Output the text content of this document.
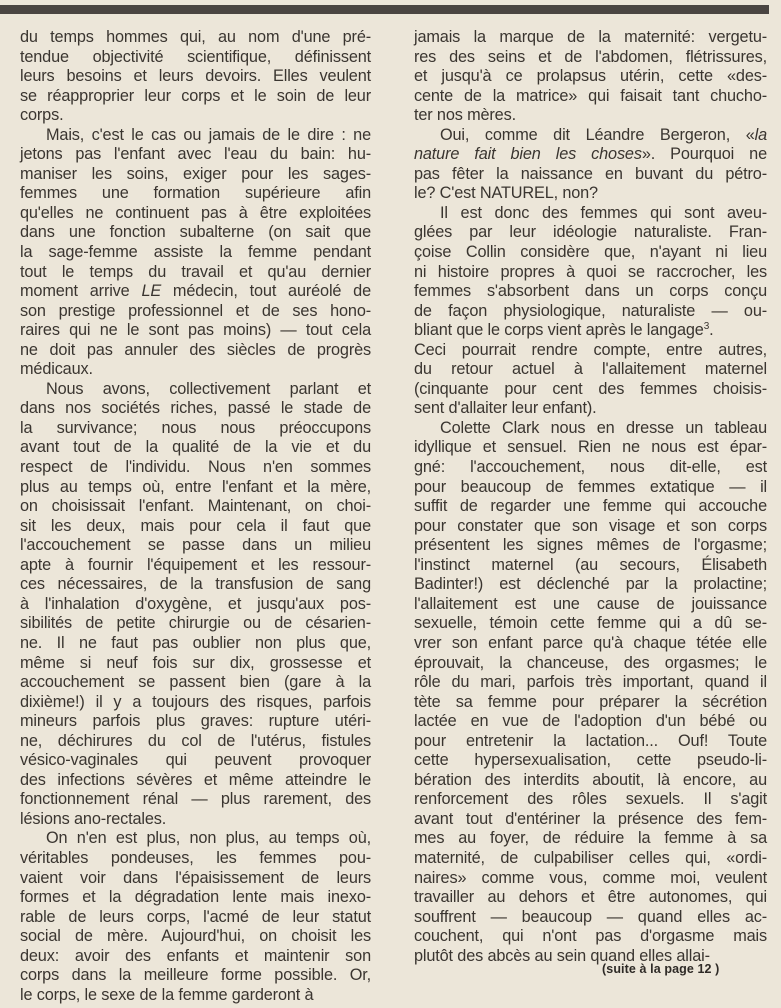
du temps hommes qui, au nom d'une pré-
tendue objectivité scientifique, définissent
leurs besoins et leurs devoirs. Elles veulent
se réapproprier leur corps et le soin de leur
corps.
Mais, c'est le cas ou jamais de le dire : ne
jetons pas l'enfant avec l'eau du bain: hu-
maniser les soins, exiger pour les sages-
femmes une formation supérieure afin
qu'elles ne continuent pas à être exploitées
dans une fonction subalterne (on sait que
la sage-femme assiste la femme pendant
tout le temps du travail et qu'au dernier
moment arrive LE médecin, tout auréolé de
son prestige professionnel et de ses hono-
raires qui ne le sont pas moins) — tout cela
ne doit pas annuler des siècles de progrès
médicaux.
Nous avons, collectivement parlant et
dans nos sociétés riches, passé le stade de
la survivance; nous nous préoccupons
avant tout de la qualité de la vie et du
respect de l'individu. Nous n'en sommes
plus au temps où, entre l'enfant et la mère,
on choisissait l'enfant. Maintenant, on choi-
sit les deux, mais pour cela il faut que
l'accouchement se passe dans un milieu
apte à fournir l'équipement et les ressour-
ces nécessaires, de la transfusion de sang
à l'inhalation d'oxygène, et jusqu'aux pos-
sibilités de petite chirurgie ou de césarien-
ne. Il ne faut pas oublier non plus que,
même si neuf fois sur dix, grossesse et
accouchement se passent bien (gare à la
dixième!) il y a toujours des risques, parfois
mineurs parfois plus graves: rupture utéri-
ne, déchirures du col de l'utérus, fistules
vésico-vaginales qui peuvent provoquer
des infections sévères et même atteindre le
fonctionnement rénal — plus rarement, des
lésions ano-rectales.
On n'en est plus, non plus, au temps où,
véritables pondeuses, les femmes pou-
vaient voir dans l'épaisissement de leurs
formes et la dégradation lente mais inexo-
rable de leurs corps, l'acmé de leur statut
social de mère. Aujourd'hui, on choisit les
deux: avoir des enfants et maintenir son
corps dans la meilleure forme possible. Or,
le corps, le sexe de la femme garderont à
jamais la marque de la maternité: vergetu-
res des seins et de l'abdomen, flétrissures,
et jusqu'à ce prolapsus utérin, cette «des-
cente de la matrice» qui faisait tant chucho-
ter nos mères.
Oui, comme dit Léandre Bergeron, «la
nature fait bien les choses». Pourquoi ne
pas fêter la naissance en buvant du pétro-
le? C'est NATUREL, non?
Il est donc des femmes qui sont aveu-
glées par leur idéologie naturaliste. Fran-
çoise Collin considère que, n'ayant ni lieu
ni histoire propres à quoi se raccrocher, les
femmes s'absorbent dans un corps conçu
de façon physiologique, naturaliste — ou-
bliant que le corps vient après le langage$^3$.
Ceci pourrait rendre compte, entre autres,
du retour actuel à l'allaitement maternel
(cinquante pour cent des femmes choisis-
sent d'allaiter leur enfant).
Colette Clark nous en dresse un tableau
idyllique et sensuel. Rien ne nous est épar-
gné: l'accouchement, nous dit-elle, est
pour beaucoup de femmes extatique — il
suffit de regarder une femme qui accouche
pour constater que son visage et son corps
présentent les signes mêmes de l'orgasme;
l'instinct maternel (au secours, Élisabeth
Badinter!) est déclenché par la prolactine;
l'allaitement est une cause de jouissance
sexuelle, témoin cette femme qui a dû se-
vrer son enfant parce qu'à chaque tétée elle
éprouvait, la chanceuse, des orgasmes; le
rôle du mari, parfois très important, quand il
tète sa femme pour préparer la sécrétion
lactée en vue de l'adoption d'un bébé ou
pour entretenir la lactation... Ouf! Toute
cette hypersexualisation, cette pseudo-li-
bération des interdits aboutit, là encore, au
renforcement des rôles sexuels. Il s'agit
avant tout d'entériner la présence des fem-
mes au foyer, de réduire la femme à sa
maternité, de culpabiliser celles qui, «ordi-
naires» comme vous, comme moi, veulent
travailler au dehors et être autonomes, qui
souffrent — beaucoup — quand elles ac-
couchent, qui n'ont pas d'orgasme mais
plutôt des abcès au sein quand elles allai-
(suite à la page 12 )
